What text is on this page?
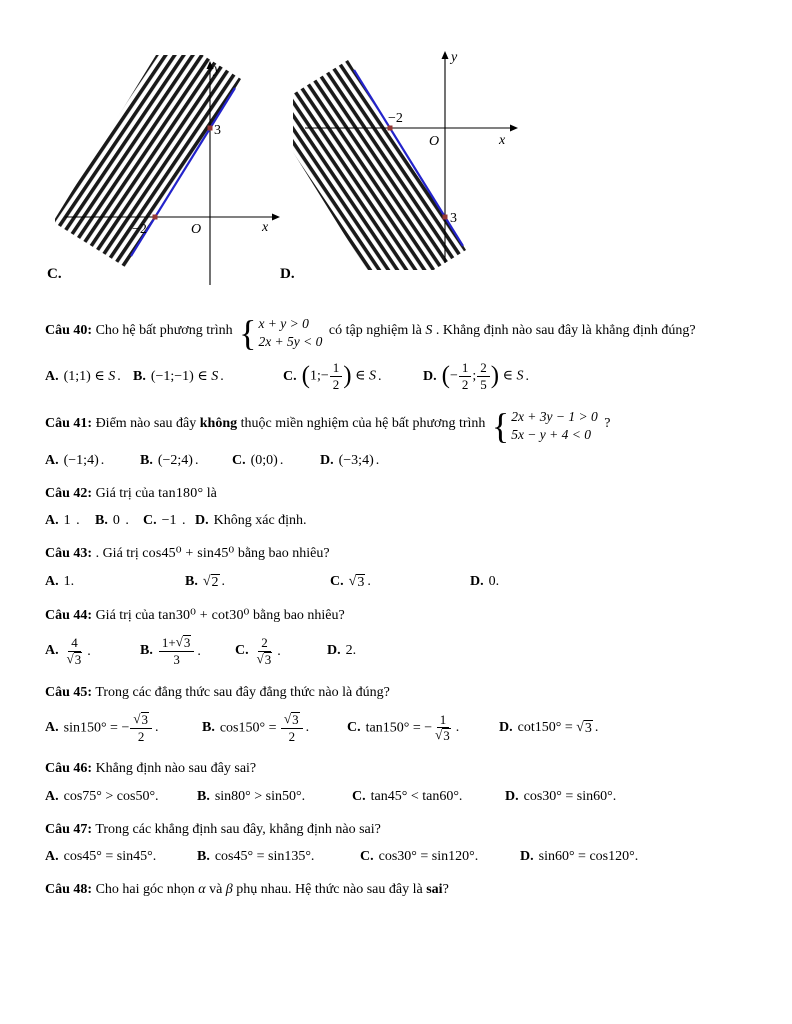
y
x
O
3
−2
C.
y
x
O
−2
3
D.
Câu 40: Cho hệ bất phương trình { x + y > 0
2x + 5y < 0
có tập nghiệm là S . Khẳng định nào sau đây là khẳng định đúng?
A. (1;1) ∈ S . B. (−1;−1) ∈ S .	C. (1;− $\frac{1}{2}$ ) ∈ S .	D. (− $\frac{1}{2}$ ; $\frac{2}{5}$ ) ∈ S .
Câu 41: Điểm nào sau đây không thuộc miền nghiệm của hệ bất phương trình { 2x + 3y − 1 > 0
5x − y + 4 < 0
?
A. (−1;4) .	B. (−2;4) . C. (0;0) .	D. (−3;4) .
Câu 42: Giá trị của tan180° là
A. 1 . B. 0 . C. −1 . D. Không xác định.
Câu 43: . Giá trị cos45⁰ + sin45⁰ bằng bao nhiêu?
A. 1.	B. √ 2 .	C. √ 3 .	D. 0.
Câu 44: Giá trị của tan30⁰ + cot30⁰ bằng bao nhiêu?
A. $\frac{4}{√ 3}$ .	B. $\frac{1+ √ 3}{3}$ . C. $\frac{2}{√ 3}$ .	D. 2.
Câu 45: Trong các đẳng thức sau đây đẳng thức nào là đúng?
A. sin150° = − $\frac{√ 3}{2}$ .	B. $\cos 150^\circ = \frac{√ 3}{2}$ .	C. tan150° = − $\frac{1}{√ 3}$ .	D. cot150° = √ 3 .
Câu 46: Khẳng định nào sau đây sai?
A. cos75° > cos50°.	B. sin80° > sin50°.	C. tan45° < tan60°.	D. cos30° = sin60°.
Câu 47: Trong các khẳng định sau đây, khẳng định nào sai?
A. cos45° = sin45°.	B. cos45° = sin135°.	C. cos30° = sin120°.	D. sin60° = cos120°.
Câu 48: Cho hai góc nhọn α và β phụ nhau. Hệ thức nào sau đây là sai?
